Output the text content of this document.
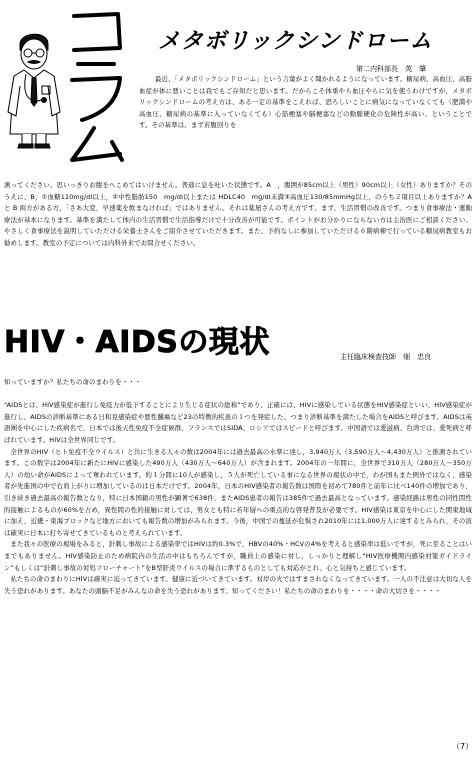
メタボリックシンドローム
第二内科部長　英　肇

最近、「メタボリックシンドローム」という言葉がよく聞かれるようになっています。糖尿病、高血圧、高脂血症が体に悪いことは我でもご存知だと思います。だからこそ体重やら血圧やらに気を使うわけですが、メタボリックシンドロームの考え方は、ある一定の基準をこえれば、恐ろしいことに病気になっていなくても（肥満や高血圧、糖尿病の基準に入っていなくても）心筋梗塞や脳梗塞などの動脈硬化の危険性が高い、ということです。その基準は、まず若腹回りを

測ってください。思いっきりお腹をへこめてはいけません。普通に息を吐いた状態です。A　，腹囲が85cm以上（男性）90cm以上（女性）ありますか？そのうえに、B，①血糖110mg/dl以上，②中性脂肪150　mg/dl以上または HDLC40　mg/dl未満③高血圧130/85mmHg以上，のうち２項目以上ありますか？A と B 両方がある方，「さあ大変，早速薬を飲まなければ」ではありません。それは薬屋さんの考え方です。まず、生活習慣の改善です。つまり食事療法・運動療法が基本になります。基準を満たして体内の生活習慣で生活指導だけで十分改善が可能です。ポイントがお分かりにならない方は主治医にご相談ください。やさしく食事療法を説明していただける栄養士さんをご紹介させていただきます。また、予約なしに参加していただける６階病棟で行っている糖尿病教室もお勧めします。教室の予定については内科外来でお問合せください。

HIV・AIDSの現状	主任臨床検査技師　畑　忠良

知っていますか？私たちの命のまわりを・・・

“AIDSとは、HIV感染症が進行し免疫力が低下することにより生じる症状の総称”であり、正確には、HIVに感染している状態をHIV感染症といい、HIV感染症が進行し、AIDSの診断基準にある日和見感染症や悪性腫瘍など23の特徴的疾患の１つを発症した、つまり診断基準を満たした場合をAIDSと呼びます。AIDSは英語圏を中心にした疾病名で、日本では後天性免疫不全症候群、フランスではSIDA、ロシアではスピードと呼びます。中国語では愛滋病、台湾では、愛死病と呼ばれています。HIVは全世界同じです。

全世界のHIV（ヒト免疫不全ウイルス）と共に生きる人々の数は2004年には過去最高の水準に達し，3,940万人（3,590万人～4,430万人）と推測されています。この数字は2004年に新たにHIVに感染した490万人（430万人～640万人）が含まれます。2004年の一年間に，全世界で310万人（280万人～350万人）の幼い命がAIDSによって奪われています。約１分間に10人が感染し，５人が死亡している事になる世界の現状の中で，わが国もまた例外ではなく，感染者が先進国の中で右肩上がりに増加しているのは日本だけです。2004年，日本のHIV感染者の報告数は国際を初めて780件と前年に比べ140件の増加であり，引き続き過去最高の報告数となり，特に日本国籍の男性が顕著で638件，またAIDS患者の報告は385件で過去最高となっています。感染経路は男性の同性間性的接触によるものが60%を占め，異性間の性的接触に対しては，男女とも特に若年層への重点的な啓発普及が必要です。HIV感染は東京を中心にした関東地域に加え，近畿・東海ブロックなど地方においても報告数の増加がみられます。今後，中国での蔓延が危惧され2010年には1,000万人に達するとみられ，その波は確実に日本に打ち寄せてきているものと考えられています。

また我々の医療の現場をみると，針刺し事故による感染率ではHIVは約0.3%で，HBVの40%・HCVの4%を考えると感染率は低いですが，死に至ることはいまでもありません。HIV感染防止のため病院内の生活の中はもちろんですが，職員上の感染に対し，しっかりと理解し“HIV医療機関内感染対策ガイドライン”もしくは“針刺し事故の対処フローチャート”をB型肝炎ウイルスの場合に準ずるものとしても対応がとれ、心と気持ちと感じています。

私たちの命のまわりにHIVは確実に迫ってきています。健康に近づいてきています。対岸の火ではすまされなくなってきています。一人の不注意は大切な人を失う恐れがあります。あなたの頭脳不足がみんなの命を失う恐れがあります。知ってください！私たちの命のまわりを・・・・命の大切さを・・・・

（7）
